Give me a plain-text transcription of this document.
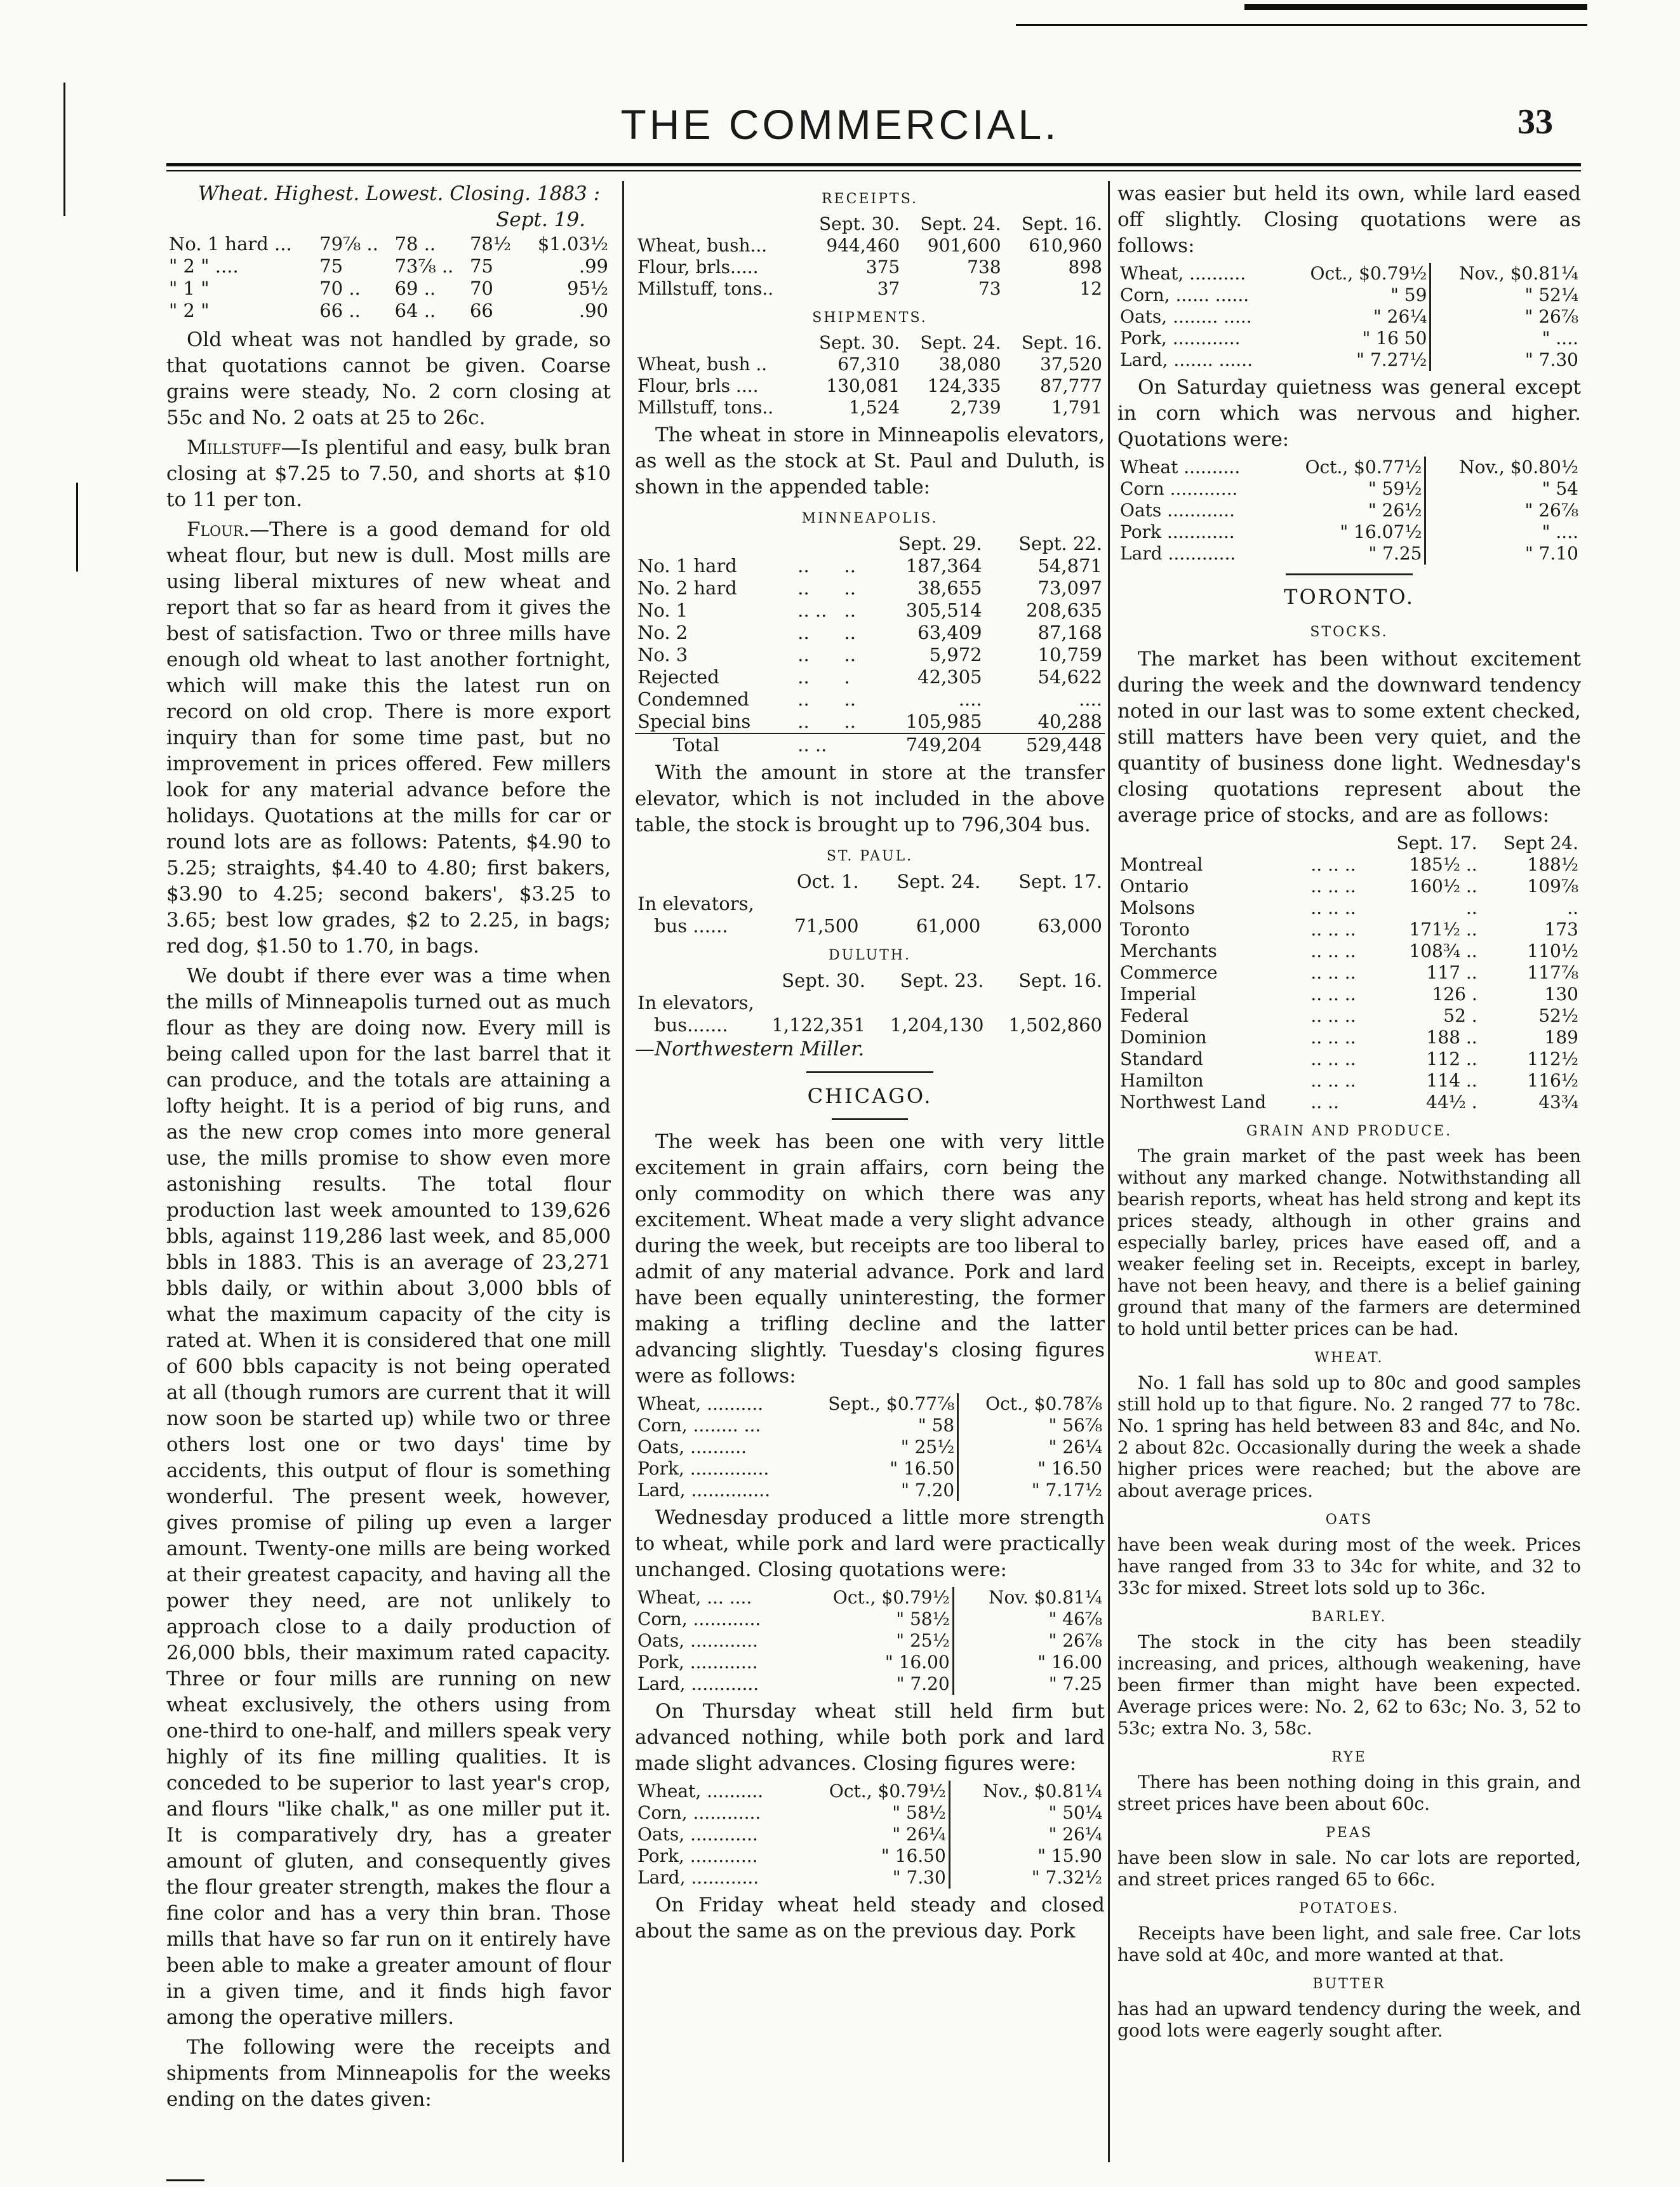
THE COMMERCIAL.	33
Wheat. Highest. Lowest. Closing. 1883 :
Sept. 19.
No. 1 hard ...	79⅞ ..	78 ..	78½	$1.03½
" 2 " ....	75	73⅞ ..	75	.99
" 1 "	70 ..	69 ..	70	95½
" 2 "	66 ..	64 ..	66	.90

Old wheat was not handled by grade, so that quotations cannot be given. Coarse grains were steady, No. 2 corn closing at 55c and No. 2 oats at 25 to 26c.

Millstuff—Is plentiful and easy, bulk bran closing at $7.25 to 7.50, and shorts at $10 to 11 per ton.

Flour.—There is a good demand for old wheat flour, but new is dull. Most mills are using liberal mixtures of new wheat and report that so far as heard from it gives the best of satisfaction. Two or three mills have enough old wheat to last another fortnight, which will make this the latest run on record on old crop. There is more export inquiry than for some time past, but no improvement in prices offered. Few millers look for any material advance before the holidays. Quotations at the mills for car or round lots are as follows: Patents, $4.90 to 5.25; straights, $4.40 to 4.80; first bakers, $3.90 to 4.25; second bakers', $3.25 to 3.65; best low grades, $2 to 2.25, in bags; red dog, $1.50 to 1.70, in bags.

We doubt if there ever was a time when the mills of Minneapolis turned out as much flour as they are doing now. Every mill is being called upon for the last barrel that it can produce, and the totals are attaining a lofty height. It is a period of big runs, and as the new crop comes into more general use, the mills promise to show even more astonishing results. The total flour production last week amounted to 139,626 bbls, against 119,286 last week, and 85,000 bbls in 1883. This is an average of 23,271 bbls daily, or within about 3,000 bbls of what the maximum capacity of the city is rated at. When it is considered that one mill of 600 bbls capacity is not being operated at all (though rumors are current that it will now soon be started up) while two or three others lost one or two days' time by accidents, this output of flour is something wonderful. The present week, however, gives promise of piling up even a larger amount. Twenty-one mills are being worked at their greatest capacity, and having all the power they need, are not unlikely to approach close to a daily production of 26,000 bbls, their maximum rated capacity. Three or four mills are running on new wheat exclusively, the others using from one-third to one-half, and millers speak very highly of its fine milling qualities. It is conceded to be superior to last year's crop, and flours "like chalk," as one miller put it. It is comparatively dry, has a greater amount of gluten, and consequently gives the flour greater strength, makes the flour a fine color and has a very thin bran. Those mills that have so far run on it entirely have been able to make a greater amount of flour in a given time, and it finds high favor among the operative millers.

The following were the receipts and shipments from Minneapolis for the weeks ending on the dates given:

RECEIPTS.
	Sept. 30.	Sept. 24.	Sept. 16.
Wheat, bush...	944,460	901,600	610,960
Flour, brls.....	375	738	898
Millstuff, tons..	37	73	12
SHIPMENTS.
	Sept. 30.	Sept. 24.	Sept. 16.
Wheat, bush ..	67,310	38,080	37,520
Flour, brls ....	130,081	124,335	87,777
Millstuff, tons..	1,524	2,739	1,791

The wheat in store in Minneapolis elevators, as well as the stock at St. Paul and Duluth, is shown in the appended table:

MINNEAPOLIS.
			Sept. 29.	Sept. 22.
No. 1 hard	..	..	187,364	54,871
No. 2 hard	..	..	38,655	73,097
No. 1	.. ..	..	305,514	208,635
No. 2	..	..	63,409	87,168
No. 3	..	..	5,972	10,759
Rejected	..	.	42,305	54,622
Condemned	..	..	....	....
Special bins	..	..	105,985	40,288
Total	.. ..		749,204	529,448

With the amount in store at the transfer elevator, which is not included in the above table, the stock is brought up to 796,304 bus.

ST. PAUL.
	Oct. 1.	Sept. 24.	Sept. 17.
In elevators,			
bus ......	71,500	61,000	63,000
DULUTH.
	Sept. 30.	Sept. 23.	Sept. 16.
In elevators,			
bus.......	1,122,351	1,204,130	1,502,860
—Northwestern Miller.
CHICAGO.

The week has been one with very little excitement in grain affairs, corn being the only commodity on which there was any excitement. Wheat made a very slight advance during the week, but receipts are too liberal to admit of any material advance. Pork and lard have been equally uninteresting, the former making a trifling decline and the latter advancing slightly. Tuesday's closing figures were as follows:

Wheat, ..........	Sept., $0.77⅞	Oct., $0.78⅞
Corn, ........ ...	" 58	" 56⅞
Oats, ..........	" 25½	" 26¼
Pork, ..............	" 16.50	" 16.50
Lard, ..............	" 7.20	" 7.17½

Wednesday produced a little more strength to wheat, while pork and lard were practically unchanged. Closing quotations were:

Wheat, ... ....	Oct., $0.79½	Nov. $0.81¼
Corn, ............	" 58½	" 46⅞
Oats, ............	" 25½	" 26⅞
Pork, ............	" 16.00	" 16.00
Lard, ............	" 7.20	" 7.25

On Thursday wheat still held firm but advanced nothing, while both pork and lard made slight advances. Closing figures were:

Wheat, ..........	Oct., $0.79½	Nov., $0.81¼
Corn, ............	" 58½	" 50¼
Oats, ............	" 26¼	" 26¼
Pork, ............	" 16.50	" 15.90
Lard, ............	" 7.30	" 7.32½

On Friday wheat held steady and closed about the same as on the previous day. Pork

was easier but held its own, while lard eased off slightly. Closing quotations were as follows:

Wheat, ..........	Oct., $0.79½	Nov., $0.81¼
Corn, ...... ......	" 59	" 52¼
Oats, ........ .....	" 26¼	" 26⅞
Pork, ............	" 16 50	" ....
Lard, ....... ......	" 7.27½	" 7.30

On Saturday quietness was general except in corn which was nervous and higher. Quotations were:

Wheat ..........	Oct., $0.77½	Nov., $0.80½
Corn ............	" 59½	" 54
Oats ............	" 26½	" 26⅞
Pork ............	" 16.07½	" ....
Lard ............	" 7.25	" 7.10
TORONTO.
STOCKS.

The market has been without excitement during the week and the downward tendency noted in our last was to some extent checked, still matters have been very quiet, and the quantity of business done light. Wednesday's closing quotations represent about the average price of stocks, and are as follows:

		Sept. 17.	Sept 24.
Montreal	.. .. ..	185½ ..	188½
Ontario	.. .. ..	160½ ..	109⅞
Molsons	.. .. ..	..	..
Toronto	.. .. ..	171½ ..	173
Merchants	.. .. ..	108¾ ..	110½
Commerce	.. .. ..	117 ..	117⅞
Imperial	.. .. ..	126 .	130
Federal	.. .. ..	52 .	52½
Dominion	.. .. ..	188 ..	189
Standard	.. .. ..	112 ..	112½
Hamilton	.. .. ..	114 ..	116½
Northwest Land	.. ..	44½ .	43¾
GRAIN AND PRODUCE.

The grain market of the past week has been without any marked change. Notwithstanding all bearish reports, wheat has held strong and kept its prices steady, although in other grains and especially barley, prices have eased off, and a weaker feeling set in. Receipts, except in barley, have not been heavy, and there is a belief gaining ground that many of the farmers are determined to hold until better prices can be had.

WHEAT.

No. 1 fall has sold up to 80c and good samples still hold up to that figure. No. 2 ranged 77 to 78c. No. 1 spring has held between 83 and 84c, and No. 2 about 82c. Occasionally during the week a shade higher prices were reached; but the above are about average prices.

OATS

have been weak during most of the week. Prices have ranged from 33 to 34c for white, and 32 to 33c for mixed. Street lots sold up to 36c.

BARLEY.

The stock in the city has been steadily increasing, and prices, although weakening, have been firmer than might have been expected. Average prices were: No. 2, 62 to 63c; No. 3, 52 to 53c; extra No. 3, 58c.

RYE

There has been nothing doing in this grain, and street prices have been about 60c.

PEAS

have been slow in sale. No car lots are reported, and street prices ranged 65 to 66c.

POTATOES.

Receipts have been light, and sale free. Car lots have sold at 40c, and more wanted at that.

BUTTER

has had an upward tendency during the week, and good lots were eagerly sought after.
